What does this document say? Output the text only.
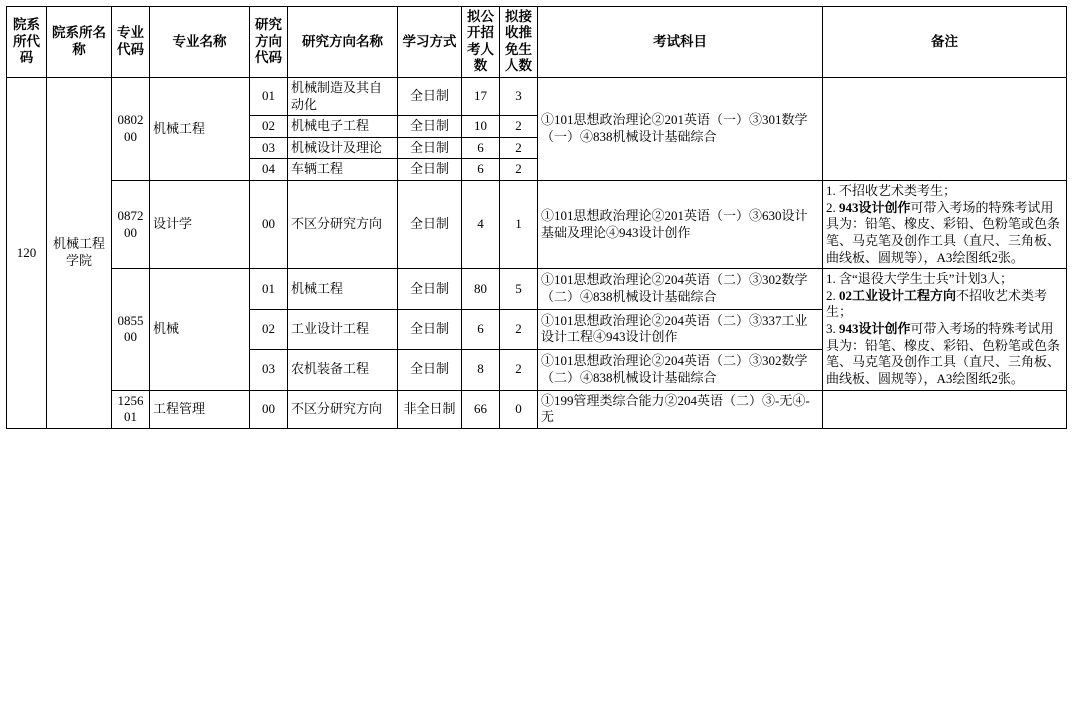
院系所代码	院系所名称	专业代码	专业名称	研究方向代码	研究方向名称	学习方式	拟公开招考人数	拟接收推免生人数	考试科目	备注
120	机械工程学院	080200	机械工程	01	机械制造及其自动化	全日制	17	3	①101思想政治理论②201英语（一）③301数学（一）④838机械设计基础综合	
				02	机械电子工程	全日制	10	2		
				03	机械设计及理论	全日制	6	2		
				04	车辆工程	全日制	6	2		
		087200	设计学	00	不区分研究方向	全日制	4	1	①101思想政治理论②201英语（一）③630设计基础及理论④943设计创作	1. 不招收艺术类考生；
2. 943设计创作可带入考场的特殊考试用具为：铅笔、橡皮、彩铅、色粉笔或色条笔、马克笔及创作工具（直尺、三角板、曲线板、圆规等），A3绘图纸2张。
		085500	机械	01	机械工程	全日制	80	5	①101思想政治理论②204英语（二）③302数学（二）④838机械设计基础综合	1. 含“退役大学生士兵”计划3人；
2. 02工业设计工程方向不招收艺术类考生；
3. 943设计创作可带入考场的特殊考试用具为：铅笔、橡皮、彩铅、色粉笔或色条笔、马克笔及创作工具（直尺、三角板、曲线板、圆规等），A3绘图纸2张。
				02	工业设计工程	全日制	6	2	①101思想政治理论②204英语（二）③337工业设计工程④943设计创作	
				03	农机装备工程	全日制	8	2	①101思想政治理论②204英语（二）③302数学（二）④838机械设计基础综合	
		125601	工程管理	00	不区分研究方向	非全日制	66	0	①199管理类综合能力②204英语（二）③-无④-无	
